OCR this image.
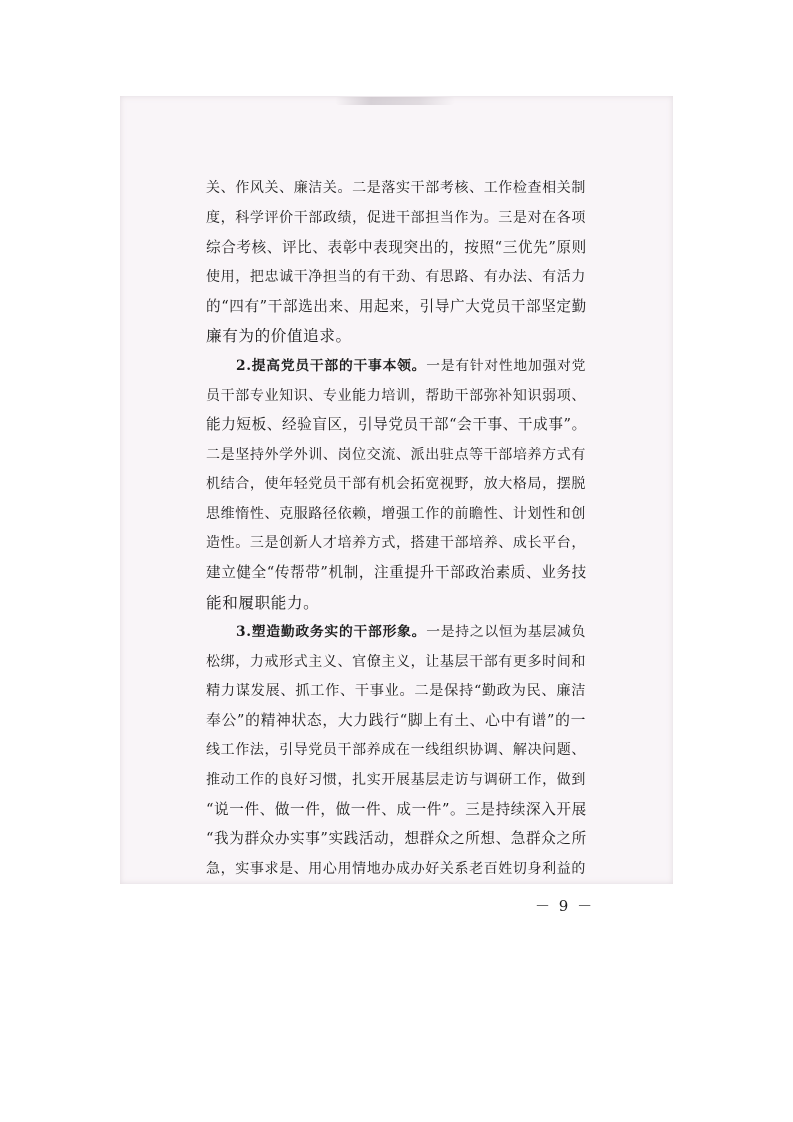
关、作风关、廉洁关。二是落实干部考核、工作检查相关制
度，科学评价干部政绩，促进干部担当作为。三是对在各项
综合考核、评比、表彰中表现突出的，按照“三优先”原则
使用，把忠诚干净担当的有干劲、有思路、有办法、有活力
的“四有”干部选出来、用起来，引导广大党员干部坚定勤
廉有为的价值追求。
2.提高党员干部的干事本领。一是有针对性地加强对党
员干部专业知识、专业能力培训，帮助干部弥补知识弱项、
能力短板、经验盲区，引导党员干部“会干事、干成事”。
二是坚持外学外训、岗位交流、派出驻点等干部培养方式有
机结合，使年轻党员干部有机会拓宽视野，放大格局，摆脱
思维惰性、克服路径依赖，增强工作的前瞻性、计划性和创
造性。三是创新人才培养方式，搭建干部培养、成长平台，
建立健全“传帮带”机制，注重提升干部政治素质、业务技
能和履职能力。
3.塑造勤政务实的干部形象。一是持之以恒为基层减负
松绑，力戒形式主义、官僚主义，让基层干部有更多时间和
精力谋发展、抓工作、干事业。二是保持“勤政为民、廉洁
奉公”的精神状态，大力践行“脚上有土、心中有谱”的一
线工作法，引导党员干部养成在一线组织协调、解决问题、
推动工作的良好习惯，扎实开展基层走访与调研工作，做到
“说一件、做一件，做一件、成一件”。三是持续深入开展
“我为群众办实事”实践活动，想群众之所想、急群众之所
急，实事求是、用心用情地办成办好关系老百姓切身利益的
－ 9 －
